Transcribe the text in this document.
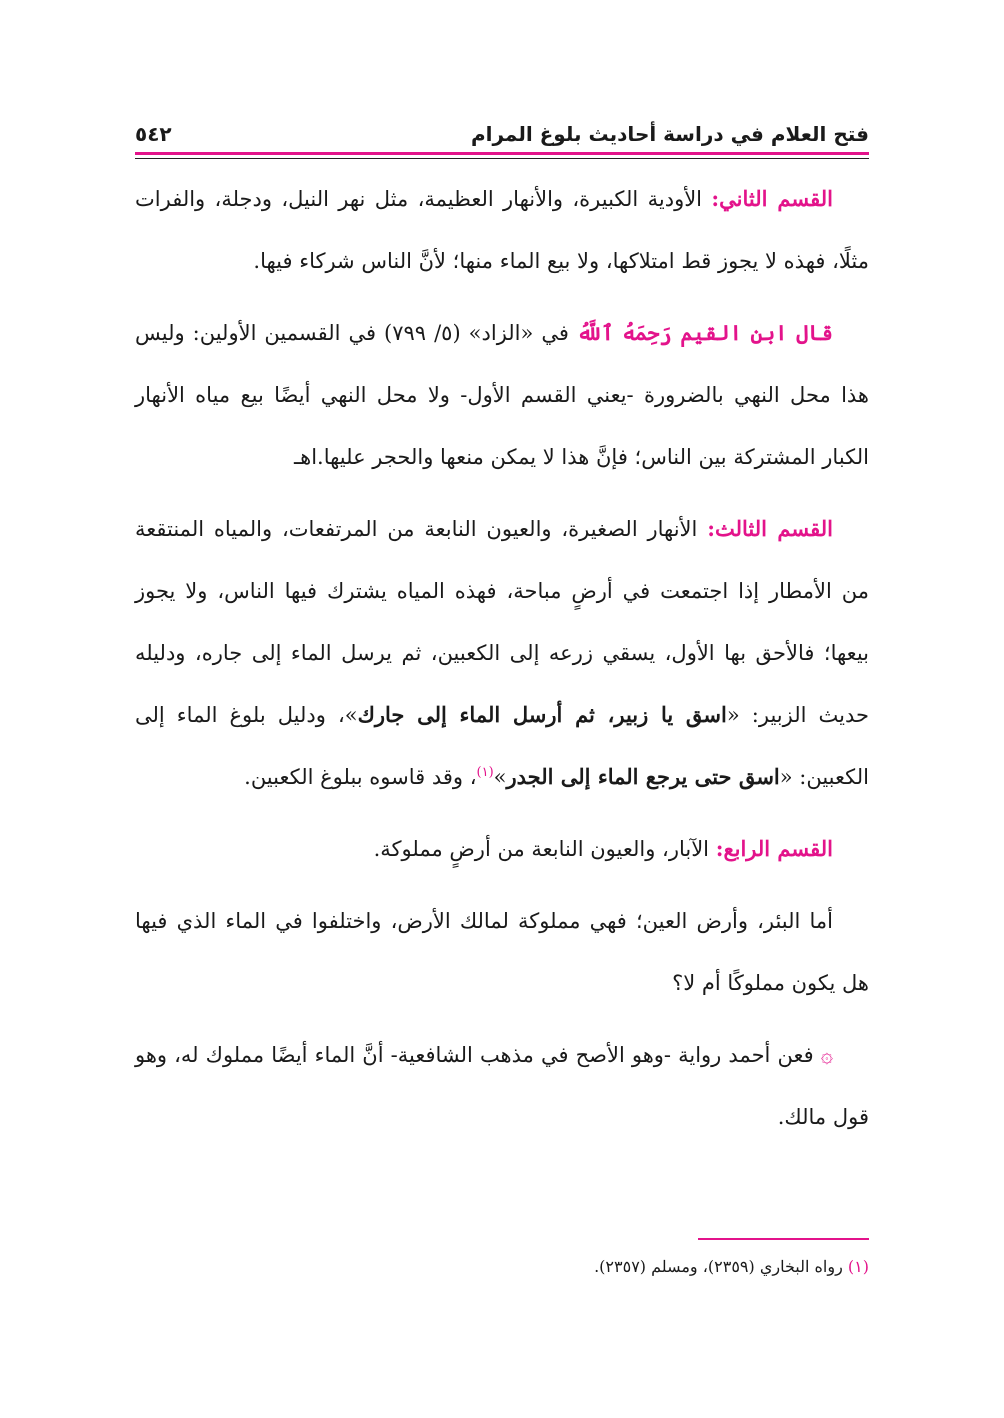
فتح العلام في دراسة أحاديث بلوغ المرام
٥٤٢

القسم الثاني: الأودية الكبيرة، والأنهار العظيمة، مثل نهر النيل، ودجلة، والفرات مثلًا، فهذه لا يجوز قط امتلاكها، ولا بيع الماء منها؛ لأنَّ الناس شركاء فيها.

قال ابن القيم رَحِمَهُ ٱللَّهُ في «الزاد» (٥/ ٧٩٩) في القسمين الأولين: وليس هذا محل النهي بالضرورة -يعني القسم الأول- ولا محل النهي أيضًا بيع مياه الأنهار الكبار المشتركة بين الناس؛ فإنَّ هذا لا يمكن منعها والحجر عليها.اهـ

القسم الثالث: الأنهار الصغيرة، والعيون النابعة من المرتفعات، والمياه المنتقعة من الأمطار إذا اجتمعت في أرضٍ مباحة، فهذه المياه يشترك فيها الناس، ولا يجوز بيعها؛ فالأحق بها الأول، يسقي زرعه إلى الكعبين، ثم يرسل الماء إلى جاره، ودليله حديث الزبير: «اسق يا زبير، ثم أرسل الماء إلى جارك»، ودليل بلوغ الماء إلى الكعبين: «اسق حتى يرجع الماء إلى الجدر»$^{(١)}$، وقد قاسوه ببلوغ الكعبين.

القسم الرابع: الآبار، والعيون النابعة من أرضٍ مملوكة.

أما البئر، وأرض العين؛ فهي مملوكة لمالك الأرض، واختلفوا في الماء الذي فيها هل يكون مملوكًا أم لا؟

۞ فعن أحمد رواية -وهو الأصح في مذهب الشافعية- أنَّ الماء أيضًا مملوك له، وهو قول مالك.

(١) رواه البخاري (٢٣٥٩)، ومسلم (٢٣٥٧).
